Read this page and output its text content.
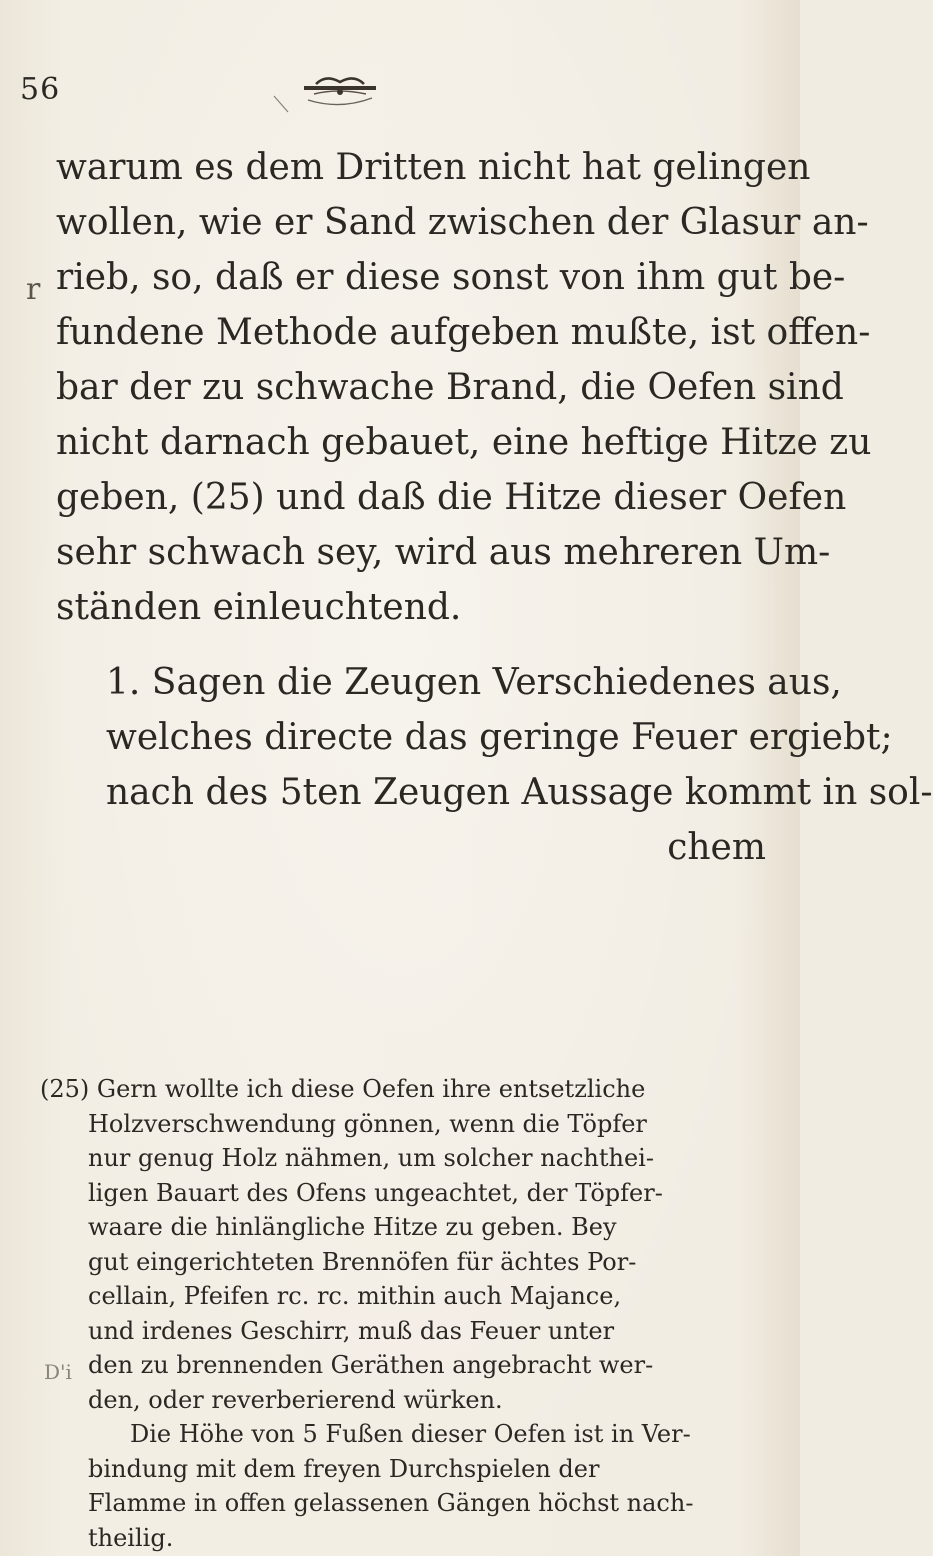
56
r
warum es dem Dritten nicht hat gelingen
wollen, wie er Sand zwischen der Glasur an-
rieb, so, daß er diese sonst von ihm gut be-
fundene Methode aufgeben mußte, ist offen-
bar der zu schwache Brand, die Oefen sind
nicht darnach gebauet, eine heftige Hitze zu
geben, (25) und daß die Hitze dieser Oefen
sehr schwach sey, wird aus mehreren Um-
ständen einleuchtend.
1. Sagen die Zeugen Verschiedenes aus,
welches directe das geringe Feuer ergiebt;
nach des 5ten Zeugen Aussage kommt in sol-
chem
(25) Gern wollte ich diese Oefen ihre entsetzliche
Holzverschwendung gönnen, wenn die Töpfer
nur genug Holz nähmen, um solcher nachthei-
ligen Bauart des Ofens ungeachtet, der Töpfer-
waare die hinlängliche Hitze zu geben. Bey
gut eingerichteten Brennöfen für ächtes Por-
cellain, Pfeifen rc. rc. mithin auch Majance,
und irdenes Geschirr, muß das Feuer unter
den zu brennenden Geräthen angebracht wer-
den, oder reverberierend würken.
Die Höhe von 5 Fußen dieser Oefen ist in Ver-
bindung mit dem freyen Durchspielen der
Flamme in offen gelassenen Gängen höchst nach-
theilig.
D'i
